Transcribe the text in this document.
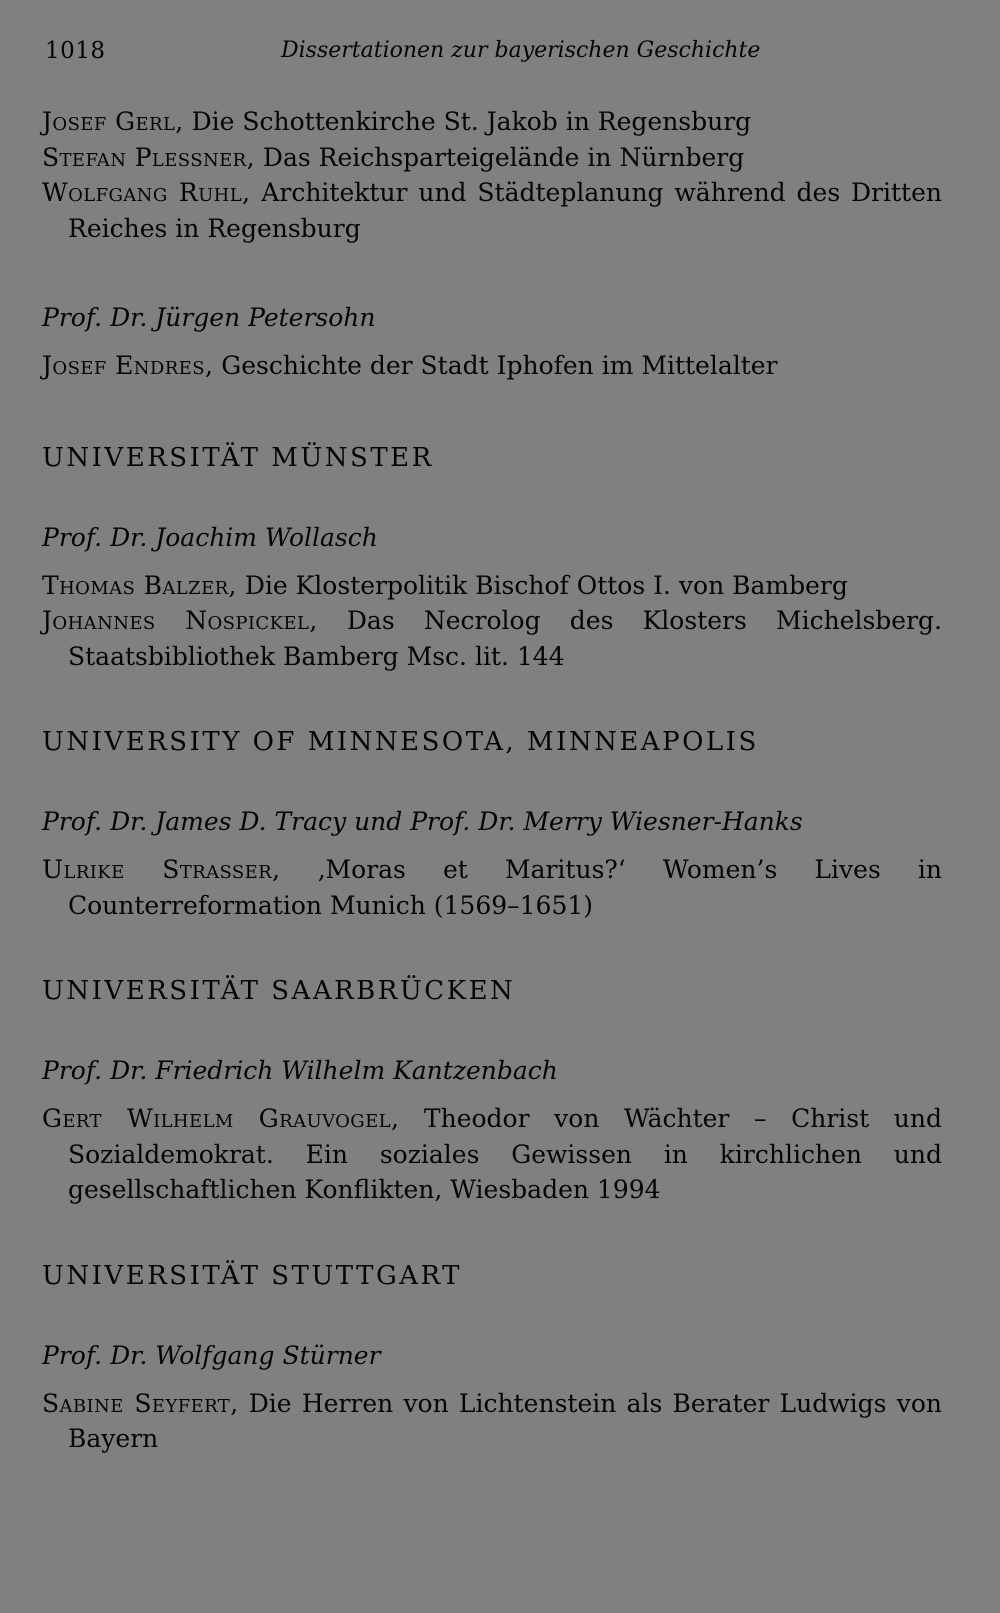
1018	Dissertationen zur bayerischen Geschichte
Josef Gerl, Die Schottenkirche St. Jakob in Regensburg
Stefan Plessner, Das Reichsparteigelände in Nürnberg
Wolfgang Ruhl, Architektur und Städteplanung während des Dritten Reiches in Regensburg
Prof. Dr. Jürgen Petersohn
Josef Endres, Geschichte der Stadt Iphofen im Mittelalter
UNIVERSITÄT MÜNSTER
Prof. Dr. Joachim Wollasch
Thomas Balzer, Die Klosterpolitik Bischof Ottos I. von Bamberg
Johannes Nospickel, Das Necrolog des Klosters Michelsberg. Staatsbibliothek Bamberg Msc. lit. 144
UNIVERSITY OF MINNESOTA, MINNEAPOLIS
Prof. Dr. James D. Tracy und Prof. Dr. Merry Wiesner-Hanks
Ulrike Strasser, ‚Moras et Maritus?‘ Women’s Lives in Counterreformation Munich (1569–1651)
UNIVERSITÄT SAARBRÜCKEN
Prof. Dr. Friedrich Wilhelm Kantzenbach
Gert Wilhelm Grauvogel, Theodor von Wächter – Christ und Sozialdemokrat. Ein soziales Gewissen in kirchlichen und gesellschaftlichen Konflikten, Wiesbaden 1994
UNIVERSITÄT STUTTGART
Prof. Dr. Wolfgang Stürner
Sabine Seyfert, Die Herren von Lichtenstein als Berater Ludwigs von Bayern
